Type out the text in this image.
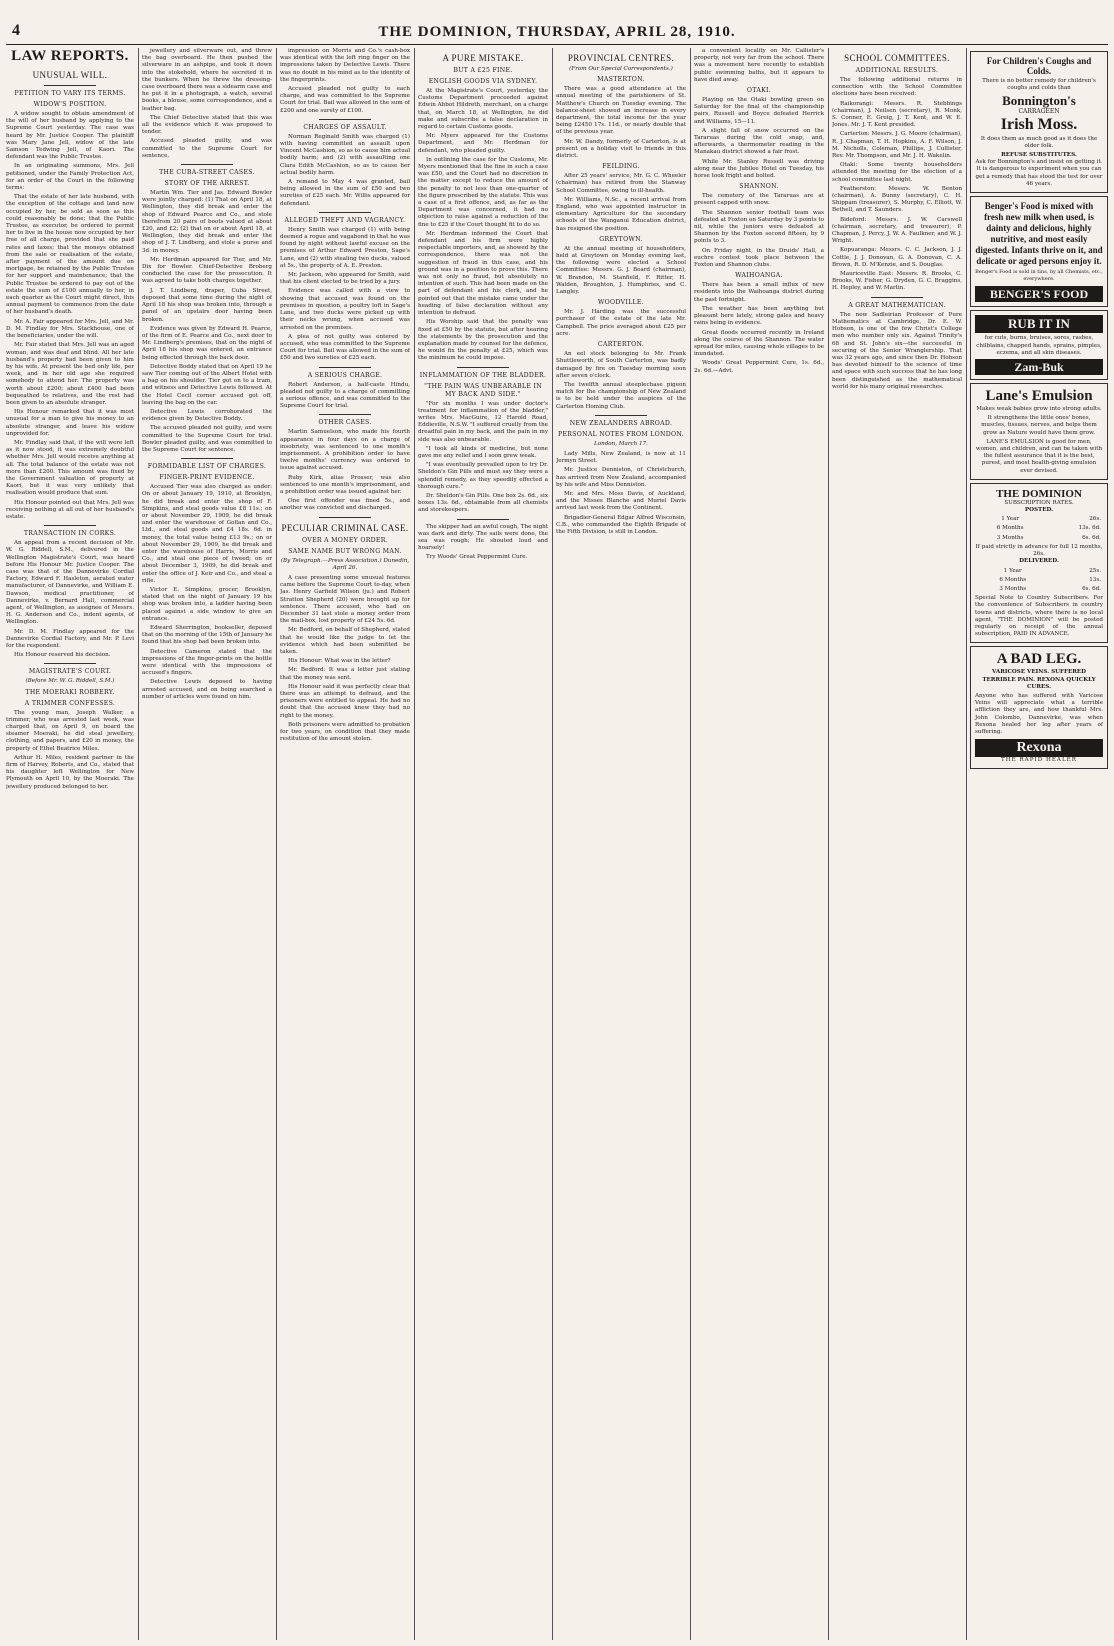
4	THE DOMINION, THURSDAY, APRIL 28, 1910.
LAW REPORTS.
UNUSUAL WILL.
PETITION TO VARY ITS TERMS.
WIDOW'S POSITION.

A widow sought to obtain amendment of the will of her husband by applying to the Supreme Court yesterday. The case was heard by Mr. Justice Cooper. The plaintiff was Mary Jane Jell, widow of the late Samson Tedwing Jell, of Kaori. The defendant was the Public Trustee.

In an originating summons, Mrs. Jell petitioned, under the Family Protection Act, for an order of the Court in the following terms:

That the estate of her late husband, with the exception of the cottage and land now occupied by her, be sold as soon as this could reasonably be done; that the Public Trustee, as executor, be ordered to permit her to live in the house now occupied by her free of all charge, provided that she paid rates and taxes; that the moneys obtained from the sale or realisation of the estate, after payment of the amount due on mortgage, be retained by the Public Trustee for her support and maintenance; that the Public Trustee be ordered to pay out of the estate the sum of £100 annually to her, in each quarter as the Court might direct, this annual payment to commence from the date of her husband's death.

Mr. A. Fair appeared for Mrs. Jell, and Mr. D. M. Findlay for Mrs. Stackhouse, one of the beneficiaries, under the will.

Mr. Fair stated that Mrs. Jell was an aged woman, and was deaf and blind. All her late husband's property had been given to him by his wife. At present the bed only life, per week, and in her old age she required somebody to attend her. The property was worth about £200; about £400 had been bequeathed to relatives, and the rest had been given to an absolute stranger.

His Honour remarked that it was most unusual for a man to give his money to an absolute stranger, and leave his widow unprovided for.

Mr. Findlay said that, if the will were left as it now stood, it was extremely doubtful whether Mrs. Jell would receive anything at all. The total balance of the estate was not more than £200. This amount was fixed by the Government valuation of property at Kaori, but it was very unlikely that realisation would produce that sum.

His Honour pointed out that Mrs. Jell was receiving nothing at all out of her husband's estate.

TRANSACTION IN CORKS.

An appeal from a recent decision of Mr. W. G. Riddell, S.M., delivered in the Wellington Magistrate's Court, was heard before His Honour Mr. Justice Cooper. The case was that of the Dannevirke Cordial Factory, Edward F. Hasleton, aerated water manufacturer, of Dannevirke, and William E. Dawson, medical practitioner, of Dannevirke, v. Bernard Hall, commercial agent, of Wellington, as assignee of Messrs. H. G. Anderson and Co., indent agents, of Wellington.

Mr. D. M. Findlay appeared for the Dannevirke Cordial Factory, and Mr. P. Levi for the respondent.

His Honour reserved his decision.

MAGISTRATE'S COURT.
(Before Mr. W. G. Riddell, S.M.)
THE MOERAKI ROBBERY.
A TRIMMER CONFESSES.

The young man, Joseph Walker, a trimmer, who was arrested last week, was charged that, on April 9, on board the steamer Moeraki, he did steal jewellery, clothing, and papers, and £20 in money, the property of Ethel Beatrice Miles.

Arthur H. Miles, resident partner in the firm of Harvey, Roberts, and Co., stated that his daughter left Wellington for New Plymouth on April 10, by the Moeraki. The jewellery produced belonged to her.

jewellery and silverware out, and threw the bag overboard. He then pushed the silverware in an ashpipe, and took it down into the stokehold, where he secreted it in the bunkers. When he threw the dressing-case overboard there was a sidearm case and he put it in a photograph, a watch, several books, a blouse, some correspondence, and a leather bag.

The Chief Detective stated that this was all the evidence which it was proposed to tender.

Accused pleaded guilty, and was committed to the Supreme Court for sentence.

THE CUBA-STREET CASES.
STORY OF THE ARREST.

Martin Wm. Tier and Jas. Edward Bowler were jointly charged: (1) That on April 18, at Wellington, they did break and enter the shop of Edward Pearce and Co., and stole therefrom 20 pairs of boots valued at about £20, and £2; (2) that on or about April 18, at Wellington, they did break and enter the shop of J. T. Lindberg, and stole a purse and 3d. in money.

Mr. Herdman appeared for Tier, and Mr. Dix for Bowler. Chief-Detective Broberg conducted the case for the prosecution. It was agreed to take both charges together.

J. T. Lindberg, draper, Cuba Street, deposed that some time during the night of April 18 his shop was broken into, through a panel of an upstairs door having been broken.

Evidence was given by Edward H. Pearce, of the firm of E. Pearce and Co., next door to Mr. Lindberg's premises, that on the night of April 18 his shop was entered, an entrance being effected through the back door.

Detective Boddy stated that on April 19 he saw Tier coming out of the Albert Hotel with a bag on his shoulder. Tier got on to a tram, and witness and Detective Lewis followed. At the Hotel Cecil corner accused got off, leaving the bag on the car.

Detective Lewis corroborated the evidence given by Detective Boddy.

The accused pleaded not guilty, and were committed to the Supreme Court for trial. Bowler pleaded guilty, and was committed to the Supreme Court for sentence.

FORMIDABLE LIST OF CHARGES.
FINGER-PRINT EVIDENCE.

Accused Tier was also charged as under: On or about January 19, 1910, at Brooklyn, he did break and enter the shop of F. Simpkins, and steal goods value £8 11s.; on or about November 29, 1909, he did break and enter the warehouse of Gollan and Co., Ltd., and steal goods and £4 18s. 6d. in money, the total value being £13 9s.; on or about November 29, 1909, he did break and enter the warehouse of Harris, Morris and Co., and steal one piece of tweed; on or about December 3, 1909, he did break and enter the office of J. Keir and Co., and steal a rifle.

Victor E. Simpkins, grocer, Brooklyn, stated that on the night of January 19 his shop was broken into, a ladder having been placed against a side window to give an entrance.

Edward Sherrington, bookseller, deposed that on the morning of the 15th of January he found that his shop had been broken into.

Detective Cameron stated that the impressions of the finger-prints on the bottle were identical with the impressions of accused's fingers.

Detective Lewis deposed to having arrested accused, and on being searched a number of articles were found on him.

impression on Morris and Co.'s cash-box was identical with the left ring finger on the impressions taken by Detective Lewis. There was no doubt in his mind as to the identity of the fingerprints.

Accused pleaded not guilty to each charge, and was committed to the Supreme Court for trial. Bail was allowed in the sum of £200 and one surety of £100.

CHARGES OF ASSAULT.

Norman Reginald Smith was charged (1) with having committed an assault upon Vincent McCashion, so as to cause him actual bodily harm; and (2) with assaulting one Clara Edith McCashion, so as to cause her actual bodily harm.

A remand to May 4 was granted, bail being allowed in the sum of £50 and two sureties of £25 each. Mr. Willis appeared for defendant.

ALLEGED THEFT AND VAGRANCY.

Henry Smith was charged (1) with being deemed a rogue and vagabond in that he was found by night without lawful excuse on the premises of Arthur Edward Preston, Sage's Lane, and (2) with stealing two ducks, valued at 5s., the property of A. E. Preston.

Mr. Jackson, who appeared for Smith, said that his client elected to be tried by a jury.

Evidence was called with a view to showing that accused was found on the premises in question, a poultry loft in Sage's Lane, and two ducks were picked up with their necks wrung, when accused was arrested on the premises.

A plea of not guilty was entered by accused, who was committed to the Supreme Court for trial. Bail was allowed in the sum of £50 and two sureties of £25 each.

A SERIOUS CHARGE.

Robert Anderson, a half-caste Hindu, pleaded not guilty to a charge of committing a serious offence, and was committed to the Supreme Court for trial.

OTHER CASES.

Martin Samuelson, who made his fourth appearance in four days on a charge of insobriety, was sentenced to one month's imprisonment. A prohibition order to have twelve months' currency was ordered to issue against accused.

Ruby Kirk, alias Prosser, was also sentenced to one month's imprisonment, and a prohibition order was issued against her.

One first offender was fined 5s., and another was convicted and discharged.

PECULIAR CRIMINAL CASE.
OVER A MONEY ORDER.
SAME NAME BUT WRONG MAN.
(By Telegraph.—Press Association.) Dunedin, April 26.

A case presenting some unusual features came before the Supreme Court to-day, when Jas. Henry Garfield Wilson (ju.) and Robert Stratton Shepherd (20) were brought up for sentence. There accused, who had on December 31 last stole a money order from the mail-box, lost property of £24 5s. 6d.

Mr. Bedford, on behalf of Shepherd, stated that he would like the judge to let the evidence which had been submitted be taken.

His Honour: What was in the letter?

Mr. Bedford: It was a letter just stating that the money was sent.

His Honour said it was perfectly clear that there was an attempt to defraud, and the prisoners were entitled to appeal. He had no doubt that the accused knew they had no right to the money.

Both prisoners were admitted to probation for two years, on condition that they made restitution of the amount stolen.

A PURE MISTAKE.
BUT A £25 FINE.
ENGLISH GOODS VIA SYDNEY.

At the Magistrate's Court, yesterday, the Customs Department proceeded against Edwin Abbot Hildreth, merchant, on a charge that, on March 18, at Wellington, he did make and subscribe a false declaration in regard to certain Customs goods.

Mr. Myers appeared for the Customs Department, and Mr. Herdman for defendant, who pleaded guilty.

In outlining the case for the Customs, Mr. Myers mentioned that the fine in such a case was £50, and the Court had no discretion in the matter except to reduce the amount of the penalty to not less than one-quarter of the figure prescribed by the statute. This was a case of a first offence, and, as far as the Department was concerned, it had no objection to raise against a reduction of the fine to £25 if the Court thought fit to do so.

Mr. Herdman informed the Court that defendant and his firm were highly respectable importers, and, as showed by the correspondence, there was not the suggestion of fraud in this case, and his ground was in a position to prove this. There was not only no fraud, but absolutely no intention of such. This had been made on the part of defendant and his clerk, and he pointed out that the mistake came under the heading of false declaration without any intention to defraud.

His Worship said that the penalty was fixed at £50 by the statute, but after hearing the statements by the prosecution and the explanation made by counsel for the defence, he would fix the penalty at £25, which was the minimum he could impose.

INFLAMMATION OF THE BLADDER.
"THE PAIN WAS UNBEARABLE IN MY BACK AND SIDE."

"For six months I was under doctor's treatment for inflammation of the bladder," writes Mrs. MacGuire, 12 Harold Road, Eddieville, N.S.W. "I suffered cruelly from the dreadful pain in my back, and the pain in my side was also unbearable.

"I took all kinds of medicine, but none gave me any relief and I soon grew weak.

"I was eventually prevailed upon to try Dr. Sheldon's Gin Pills and must say they were a splendid remedy, as they speedily effected a thorough cure."

Dr. Sheldon's Gin Pills. One box 2s. 6d., six boxes 13s. 6d., obtainable from all chemists and storekeepers.

The skipper had an awful cough, The night was dark and dirty. The sails were done, the sea was rough; He shouted loud and hoarsely!

Try Woods' Great Peppermint Cure.

PROVINCIAL CENTRES.
(From Our Special Correspondents.)
MASTERTON.

There was a good attendance at the annual meeting of the parishioners of St. Matthew's Church on Tuesday evening. The balance-sheet showed an increase in every department, the total income for the year being £2450 17s. 11d., or nearly double that of the previous year.

Mr. W. Dandy, formerly of Carterton, is at present on a holiday visit to friends in this district.

FEILDING.

After 25 years' service, Mr. G. C. Wheeler (chairman) has retired from the Stanway School Committee, owing to ill-health.

Mr. Williams, N.Sc., a recent arrival from England, who was appointed instructor in elementary Agriculture for the secondary schools of the Wanganui Education district, has resigned the position.

GREYTOWN.

At the annual meeting of householders, held at Greytown on Monday evening last, the following were elected a School Committee: Messrs. G. J. Beard (chairman), W. Brandon, M. Stanfield, F. Ritter, H. Walden, Broughton, J. Humphries, and C. Langley.

WOODVILLE.

Mr. J. Harding was the successful purchaser of the estate of the late Mr. Campbell. The price averaged about £25 per acre.

CARTERTON.

An eel stock belonging to Mr. Frank Shuttleworth, of South Carterton, was badly damaged by fire on Tuesday morning soon after seven o'clock.

The twelfth annual steeplechase pigeon match for the championship of New Zealand is to be held under the auspices of the Carterton Homing Club.

NEW ZEALANDERS ABROAD.
PERSONAL NOTES FROM LONDON.
London, March 17.

Lady Mills, New Zealand, is now at 11 Jermyn Street.

Mr. Justice Denniston, of Christchurch, has arrived from New Zealand, accompanied by his wife and Miss Denniston.

Mr. and Mrs. Moss Davis, of Auckland, and the Misses Blanche and Muriel Davis arrived last week from the Continent.

Brigadier-General Edgar Alfred Wisconsin, C.B., who commanded the Eighth Brigade of the Fifth Division, is still in London.

a convenient locality on Mr. Callister's property, not very far from the school. There was a movement here recently to establish public swimming baths, but it appears to have died away.

OTAKI.

Playing on the Otaki bowling green on Saturday for the final of the championship pairs, Russell and Boyce defeated Herrick and Williams, 15—11.

A slight fall of snow occurred on the Tararuas during the cold snap, and, afterwards, a thermometer reading in the Manakau district showed a fair frost.

While Mr. Stanley Russell was driving along near the Jubilee Hotel on Tuesday, his horse took fright and bolted.

SHANNON.

The cemetery of the Tararuas are at present capped with snow.

The Shannon senior football team was defeated at Foxton on Saturday by 3 points to nil, while the juniors were defeated at Shannon by the Foxton second fifteen, by 9 points to 3.

On Friday night, in the Druids' Hall, a euchre contest took place between the Foxton and Shannon clubs.

WAIHOANGA.

There has been a small influx of new residents into the Waihoanga district during the past fortnight.

The weather has been anything but pleasant here lately, strong gales and heavy rains being in evidence.

Great floods occurred recently in Ireland along the course of the Shannon. The water spread for miles, causing whole villages to be inundated.

Woods' Great Peppermint Cure, 1s. 6d., 2s. 6d.—Advt.

SCHOOL COMMITTEES.
ADDITIONAL RESULTS.

The following additional returns in connection with the School Committee elections have been received:

Raikorangi: Messrs. R. Stebbings (chairman), J. Neilsen (secretary), R. Monk, S. Conner, E. Greig, J. T. Kent, and W. E. Jones. Mr. J. T. Kent presided.

Carterton: Messrs. J. G. Moore (chairman), R. J. Chapman, T. H. Hopkins, A. F. Wilson, J. M. Nicholls, Coleman, Phillips, J. Cullister, Rev. Mr. Thompson, and Mr. J. H. Wakelin.

Otaki: Some twenty householders attended the meeting for the election of a school committee last night.

Featherston: Messrs. W. Benton (chairman), A. Bunny (secretary), C. H. Shippam (treasurer), S. Murphy, C. Elliott, W. Bethell, and T. Saunders.

Bideford: Messrs. J. W. Carswell (chairman, secretary, and treasurer), P. Chapman, J. Percy, J. W. A. Faulkner, and W. J. Wright.

Kopuaranga: Messrs. C. C. Jackson, J. J. Cottle, J. J. Donovan, G. A. Donovan, C. A. Brown, R. D. M'Kenzie, and S. Douglas.

Mauriceville East: Messrs. R. Brooks, C. Brooks, W. Fisher, G. Dryden, G. C. Braggins, H. Hepley, and W. Martin.

A GREAT MATHEMATICIAN.

The new Sadleirian Professor of Pure Mathematics at Cambridge, Dr. E. W. Hobson, is one of the few Christ's College men who number only six. Against Trinity's 68 and St. John's six—the successful in securing of the Senior Wranglership. That was 32 years ago, and since then Dr. Hobson has devoted himself to the science of time and space with such success that he has long been distinguished as the mathematical world for his many original researches.

For Children's Coughs and Colds.
There is no better remedy for children's coughs and colds than
Bonnington's
CARRAGEEN
Irish Moss.
It does them as much good as it does the older folk.
REFUSE SUBSTITUTES.
Ask for Bonnington's and insist on getting it. It is dangerous to experiment when you can get a remedy that has stood the test for over 46 years.
Benger's Food is mixed with fresh new milk when used, is dainty and delicious, highly nutritive, and most easily digested. Infants thrive on it, and delicate or aged persons enjoy it.
Benger's Food is sold in tins, by all Chemists, etc., everywhere.
BENGER'S FOOD
RUB IT IN
for cuts, burns, bruises, sores, rashes, chilblains, chapped hands, sprains, pimples, eczema, and all skin diseases.
Zam-Buk
Lane's Emulsion
Makes weak babies grow into strong adults.
It strengthens the little ones' bones, muscles, tissues, nerves, and helps them grow as Nature would have them grow.
LANE'S EMULSION is good for men, women, and children, and can be taken with the fullest assurance that it is the best, purest, and most health-giving emulsion ever devised.
THE DOMINION
SUBSCRIPTION RATES.
POSTED.
1 Year	26s.
6 Months	13s. 6d.
3 Months	6s. 6d.
If paid strictly in advance for full 12 months, 26s.
DELIVERED.
1 Year	25s.
6 Months	13s.
3 Months	6s. 6d.
Special Note to Country Subscribers. For the convenience of Subscribers in country towns and districts, where there is no local agent, "THE DOMINION" will be posted regularly on receipt of the annual subscription, PAID IN ADVANCE.
A BAD LEG.
VARICOSE VEINS. SUFFERED TERRIBLE PAIN. REXONA QUICKLY CURES.
Anyone who has suffered with Varicose Veins will appreciate what a terrible affliction they are, and how thankful Mrs. John Colombo, Dannevirke, was when Rexona healed her leg after years of suffering.
Rexona
THE RAPID HEALER
